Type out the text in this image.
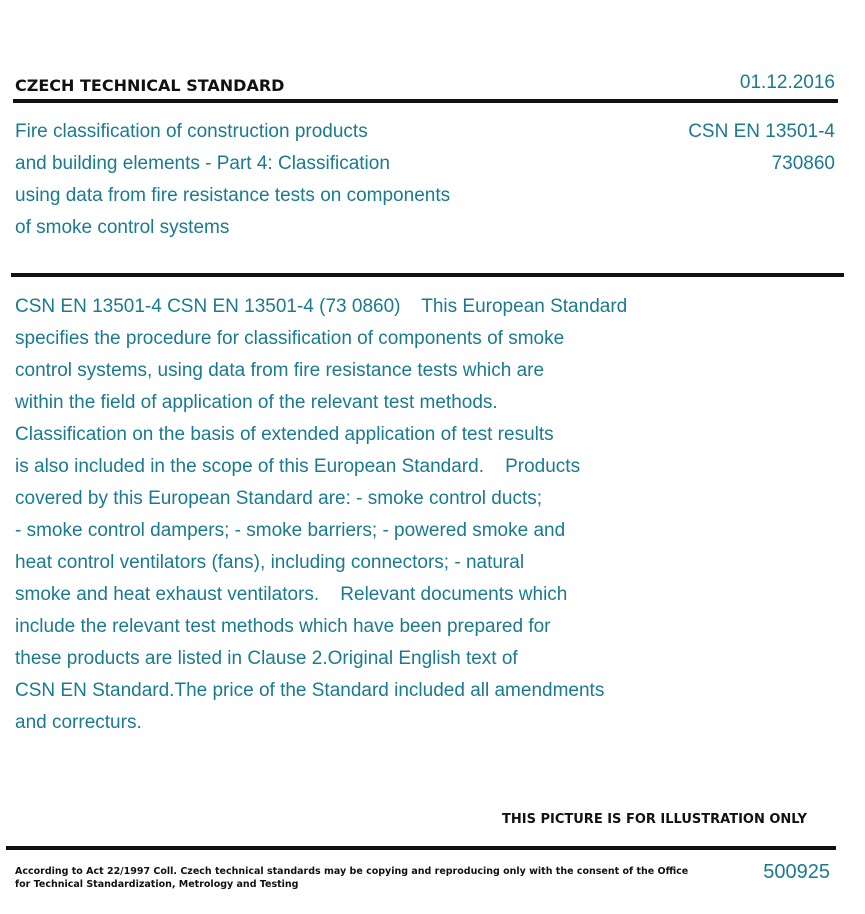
CZECH TECHNICAL STANDARD	01.12.2016
Fire classification of construction products
and building elements - Part 4: Classification
using data from fire resistance tests on components
of smoke control systems
CSN EN 13501-4
730860
CSN EN 13501-4 CSN EN 13501-4 (73 0860)    This European Standard
specifies the procedure for classification of components of smoke
control systems, using data from fire resistance tests which are
within the field of application of the relevant test methods.
Classification on the basis of extended application of test results
is also included in the scope of this European Standard.    Products
covered by this European Standard are: - smoke control ducts;
- smoke control dampers; - smoke barriers; - powered smoke and
heat control ventilators (fans), including connectors; - natural
smoke and heat exhaust ventilators.    Relevant documents which
include the relevant test methods which have been prepared for
these products are listed in Clause 2.Original English text of
CSN EN Standard.The price of the Standard included all amendments
and correcturs.
THIS PICTURE IS FOR ILLUSTRATION ONLY
According to Act 22/1997 Coll. Czech technical standards may be copying and reproducing only with the consent of the Office
for Technical Standardization, Metrology and Testing
500925
